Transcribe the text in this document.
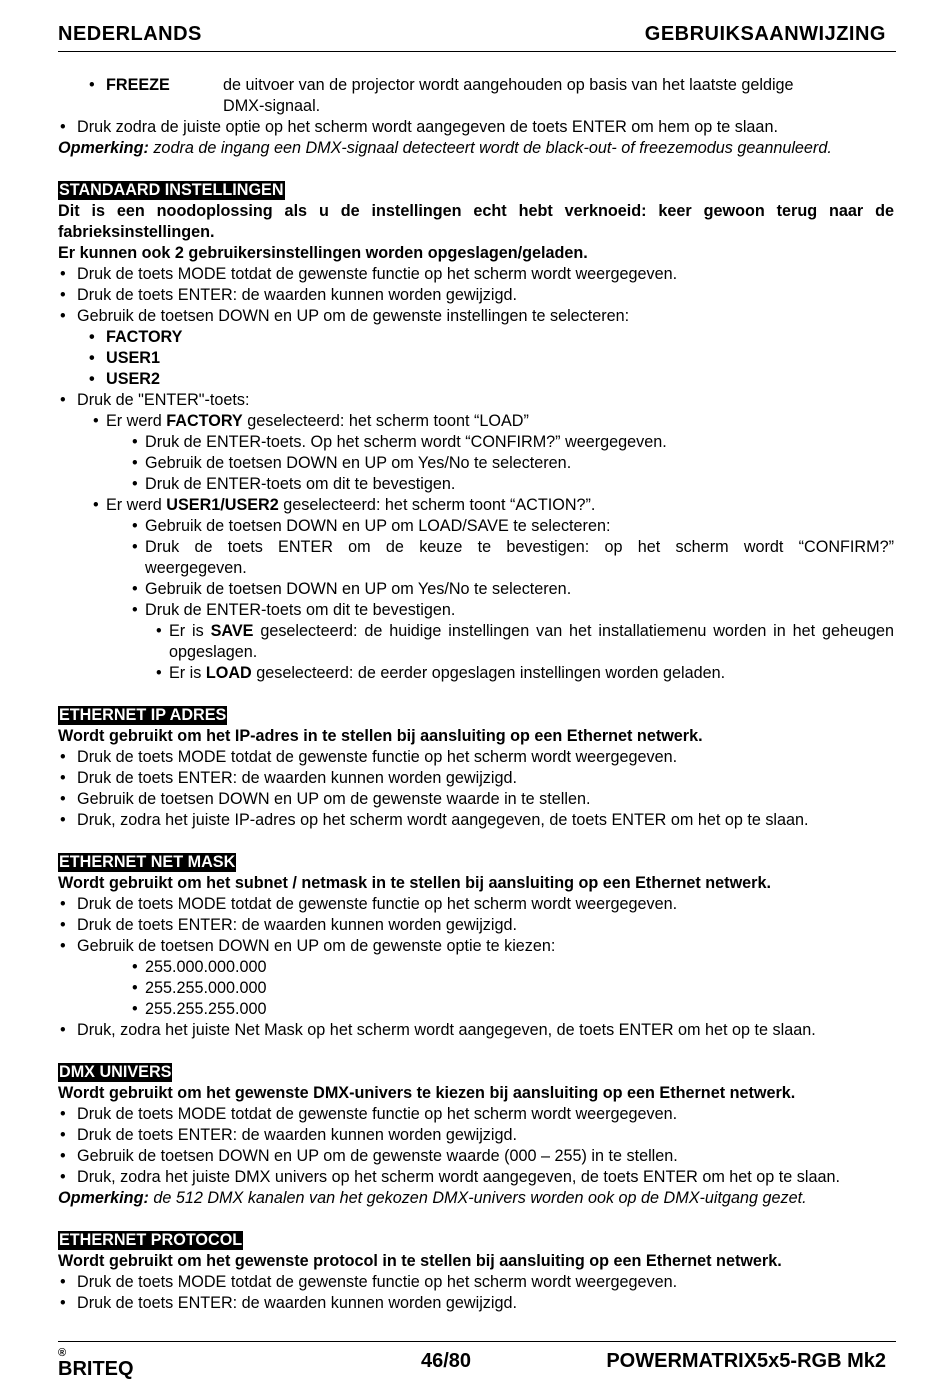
NEDERLANDS	GEBRUIKSAANWIJZING
• FREEZE	de uitvoer van de projector wordt aangehouden op basis van het laatste geldige
DMX-signaal.
• Druk zodra de juiste optie op het scherm wordt aangegeven de toets ENTER om hem op te slaan.
Opmerking: zodra de ingang een DMX-signaal detecteert wordt de black-out- of freezemodus geannuleerd.
STANDAARD INSTELLINGEN
Dit is een noodoplossing als u de instellingen echt hebt verknoeid: keer gewoon terug naar de fabrieksinstellingen.
Er kunnen ook 2 gebruikersinstellingen worden opgeslagen/geladen.
• Druk de toets MODE totdat de gewenste functie op het scherm wordt weergegeven.
• Druk de toets ENTER: de waarden kunnen worden gewijzigd.
• Gebruik de toetsen DOWN en UP om de gewenste instellingen te selecteren:
• FACTORY
• USER1
• USER2
• Druk de "ENTER"-toets:
• Er werd FACTORY geselecteerd: het scherm toont “LOAD”
• Druk de ENTER-toets. Op het scherm wordt “CONFIRM?” weergegeven.
• Gebruik de toetsen DOWN en UP om Yes/No te selecteren.
• Druk de ENTER-toets om dit te bevestigen.
• Er werd USER1/USER2 geselecteerd: het scherm toont “ACTION?”.
• Gebruik de toetsen DOWN en UP om LOAD/SAVE te selecteren:
• Druk de toets ENTER om de keuze te bevestigen: op het scherm wordt “CONFIRM?” weergegeven.
• Gebruik de toetsen DOWN en UP om Yes/No te selecteren.
• Druk de ENTER-toets om dit te bevestigen.
• Er is SAVE geselecteerd: de huidige instellingen van het installatiemenu worden in het geheugen opgeslagen.
• Er is LOAD geselecteerd: de eerder opgeslagen instellingen worden geladen.
ETHERNET IP ADRES
Wordt gebruikt om het IP-adres in te stellen bij aansluiting op een Ethernet netwerk.
• Druk de toets MODE totdat de gewenste functie op het scherm wordt weergegeven.
• Druk de toets ENTER: de waarden kunnen worden gewijzigd.
• Gebruik de toetsen DOWN en UP om de gewenste waarde in te stellen.
• Druk, zodra het juiste IP-adres op het scherm wordt aangegeven, de toets ENTER om het op te slaan.
ETHERNET NET MASK
Wordt gebruikt om het subnet / netmask in te stellen bij aansluiting op een Ethernet netwerk.
• Druk de toets MODE totdat de gewenste functie op het scherm wordt weergegeven.
• Druk de toets ENTER: de waarden kunnen worden gewijzigd.
• Gebruik de toetsen DOWN en UP om de gewenste optie te kiezen:
• 255.000.000.000
• 255.255.000.000
• 255.255.255.000
• Druk, zodra het juiste Net Mask op het scherm wordt aangegeven, de toets ENTER om het op te slaan.
DMX UNIVERS
Wordt gebruikt om het gewenste DMX-univers te kiezen bij aansluiting op een Ethernet netwerk.
• Druk de toets MODE totdat de gewenste functie op het scherm wordt weergegeven.
• Druk de toets ENTER: de waarden kunnen worden gewijzigd.
• Gebruik de toetsen DOWN en UP om de gewenste waarde (000 – 255) in te stellen.
• Druk, zodra het juiste DMX univers op het scherm wordt aangegeven, de toets ENTER om het op te slaan.
Opmerking: de 512 DMX kanalen van het gekozen DMX-univers worden ook op de DMX-uitgang gezet.
ETHERNET PROTOCOL
Wordt gebruikt om het gewenste protocol in te stellen bij aansluiting op een Ethernet netwerk.
• Druk de toets MODE totdat de gewenste functie op het scherm wordt weergegeven.
• Druk de toets ENTER: de waarden kunnen worden gewijzigd.
BRITEQ
®	46/80	POWERMATRIX5x5-RGB Mk2
